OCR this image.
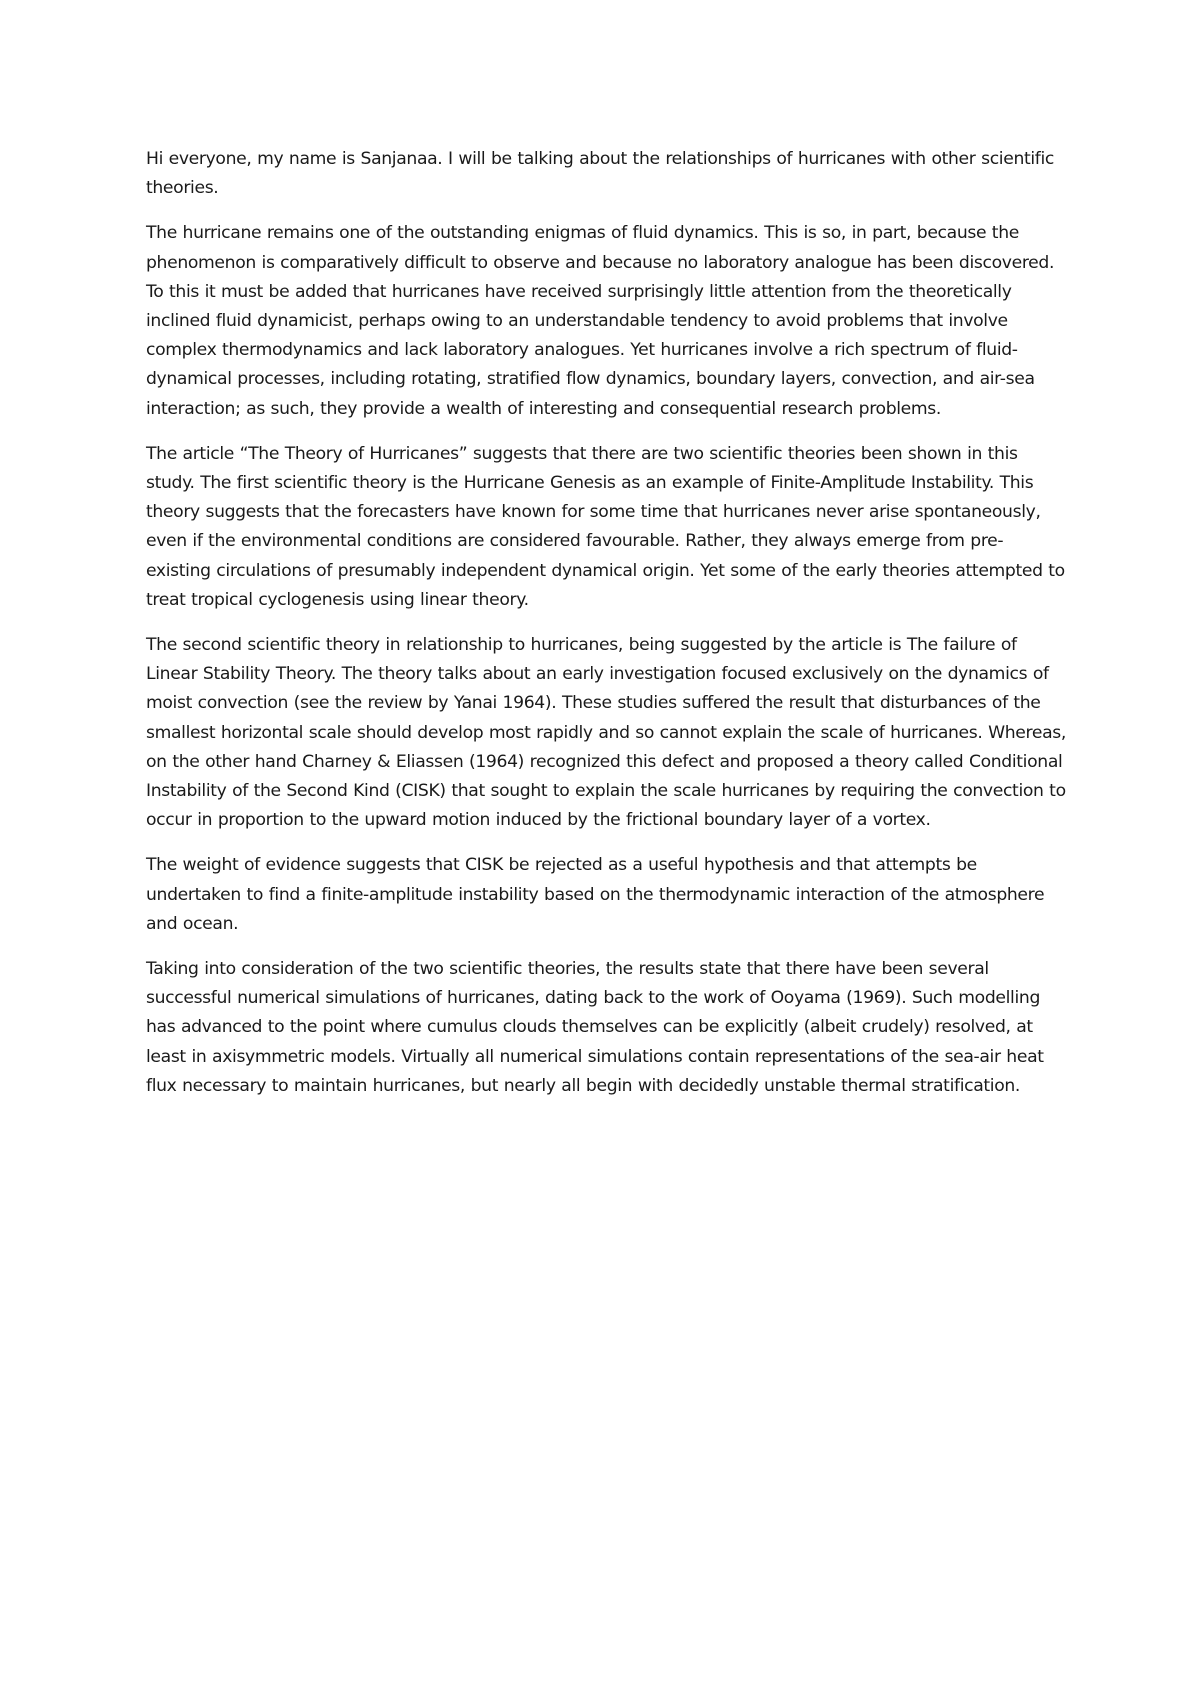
Hi everyone, my name is Sanjanaa. I will be talking about the relationships of hurricanes with other scientific theories.

The hurricane remains one of the outstanding enigmas of fluid dynamics. This is so, in part, because the phenomenon is comparatively difficult to observe and because no laboratory analogue has been discovered. To this it must be added that hurricanes have received surprisingly little attention from the theoretically inclined fluid dynamicist, perhaps owing to an understandable tendency to avoid problems that involve complex thermodynamics and lack laboratory analogues. Yet hurricanes involve a rich spectrum of fluid-dynamical processes, including rotating, stratified flow dynamics, boundary layers, convection, and air-sea interaction; as such, they provide a wealth of interesting and consequential research problems.

The article “The Theory of Hurricanes” suggests that there are two scientific theories been shown in this study. The first scientific theory is the Hurricane Genesis as an example of Finite-Amplitude Instability. This theory suggests that the forecasters have known for some time that hurricanes never arise spontaneously, even if the environmental conditions are considered favourable. Rather, they always emerge from pre-existing circulations of presumably independent dynamical origin. Yet some of the early theories attempted to treat tropical cyclogenesis using linear theory.

The second scientific theory in relationship to hurricanes, being suggested by the article is The failure of Linear Stability Theory. The theory talks about an early investigation focused exclusively on the dynamics of moist convection (see the review by Yanai 1964). These studies suffered the result that disturbances of the smallest horizontal scale should develop most rapidly and so cannot explain the scale of hurricanes. Whereas, on the other hand Charney & Eliassen (1964) recognized this defect and proposed a theory called Conditional Instability of the Second Kind (CISK) that sought to explain the scale hurricanes by requiring the convection to occur in proportion to the upward motion induced by the frictional boundary layer of a vortex.

The weight of evidence suggests that CISK be rejected as a useful hypothesis and that attempts be undertaken to find a finite-amplitude instability based on the thermodynamic interaction of the atmosphere and ocean.

Taking into consideration of the two scientific theories, the results state that there have been several successful numerical simulations of hurricanes, dating back to the work of Ooyama (1969). Such modelling has advanced to the point where cumulus clouds themselves can be explicitly (albeit crudely) resolved, at least in axisymmetric models. Virtually all numerical simulations contain representations of the sea-air heat flux necessary to maintain hurricanes, but nearly all begin with decidedly unstable thermal stratification.
